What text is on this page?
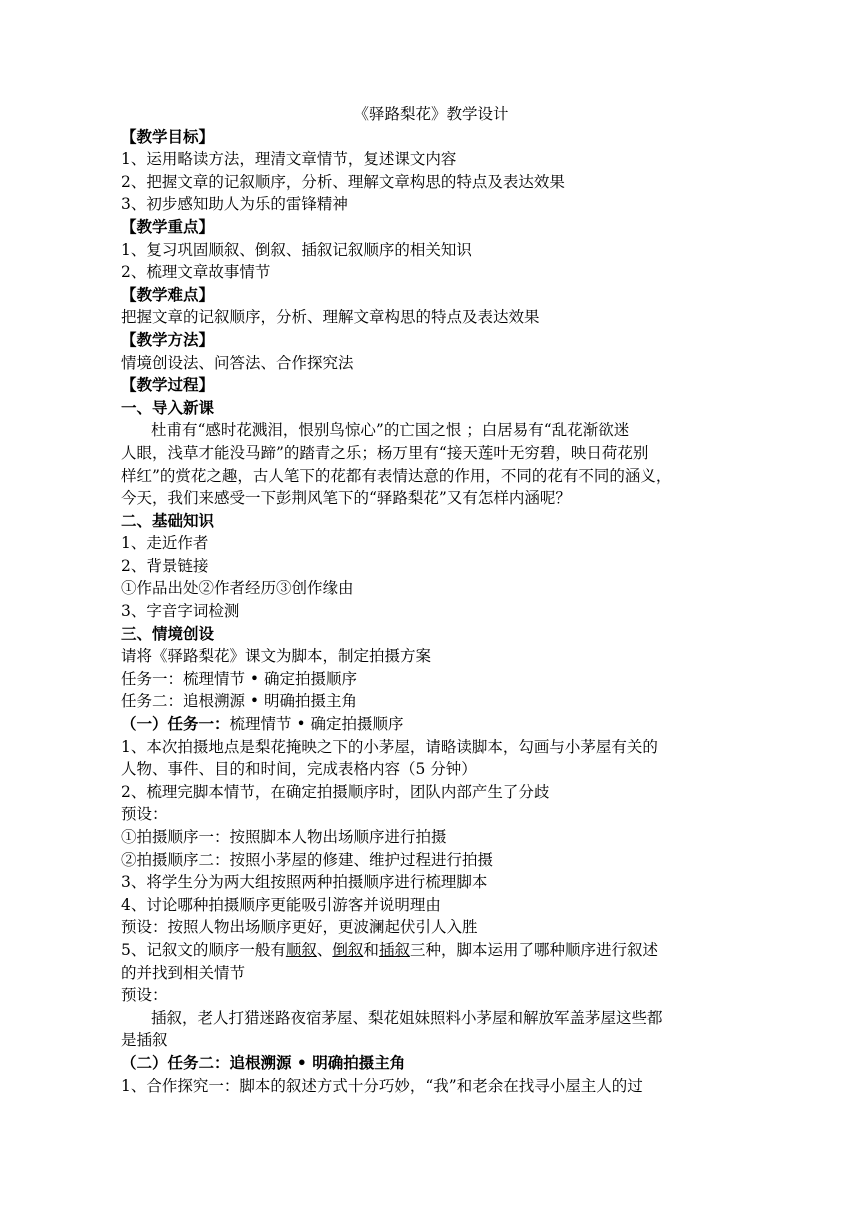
《驿路梨花》教学设计
【教学目标】
1、运用略读方法，理清文章情节，复述课文内容
2、把握文章的记叙顺序，分析、理解文章构思的特点及表达效果
3、初步感知助人为乐的雷锋精神
【教学重点】
1、复习巩固顺叙、倒叙、插叙记叙顺序的相关知识
2、梳理文章故事情节
【教学难点】
把握文章的记叙顺序，分析、理解文章构思的特点及表达效果
【教学方法】
情境创设法、问答法、合作探究法
【教学过程】
一、导入新课
杜甫有“感时花溅泪，恨别鸟惊心”的亡国之恨 ；白居易有“乱花渐欲迷
人眼，浅草才能没马蹄”的踏青之乐；杨万里有“接天莲叶无穷碧，映日荷花别
样红”的赏花之趣，古人笔下的花都有表情达意的作用，不同的花有不同的涵义，
今天，我们来感受一下彭荆风笔下的“驿路梨花”又有怎样内涵呢？
二、基础知识
1、走近作者
2、背景链接
①作品出处②作者经历③创作缘由
3、字音字词检测
三、情境创设
请将《驿路梨花》课文为脚本，制定拍摄方案
任务一：梳理情节 • 确定拍摄顺序
任务二：追根溯源 • 明确拍摄主角
（一）任务一：梳理情节 • 确定拍摄顺序
1、本次拍摄地点是梨花掩映之下的小茅屋，请略读脚本，勾画与小茅屋有关的
人物、事件、目的和时间，完成表格内容（5 分钟）
2、梳理完脚本情节，在确定拍摄顺序时，团队内部产生了分歧
预设：
①拍摄顺序一：按照脚本人物出场顺序进行拍摄
②拍摄顺序二：按照小茅屋的修建、维护过程进行拍摄
3、将学生分为两大组按照两种拍摄顺序进行梳理脚本
4、讨论哪种拍摄顺序更能吸引游客并说明理由
预设：按照人物出场顺序更好，更波澜起伏引人入胜
5、记叙文的顺序一般有顺叙、倒叙和插叙三种，脚本运用了哪种顺序进行叙述
的并找到相关情节
预设：
插叙，老人打猎迷路夜宿茅屋、梨花姐妹照料小茅屋和解放军盖茅屋这些都
是插叙
（二）任务二：追根溯源 • 明确拍摄主角
1、合作探究一：脚本的叙述方式十分巧妙，“我”和老余在找寻小屋主人的过
